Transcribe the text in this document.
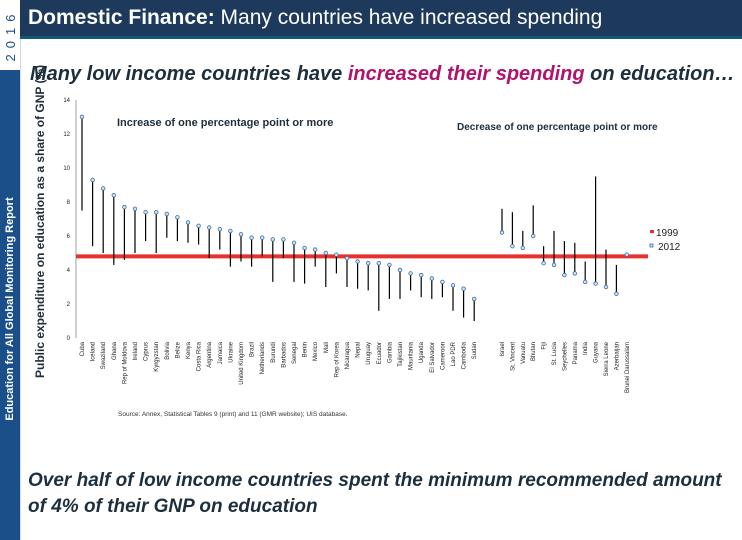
2016
Education for All Global Monitoring Report
Domestic Finance: Many countries have increased spending
Many low income countries have increased their spending on education…
Public expenditure on education as a share of GNP (%)	0
2
4
6
8
10
12
14
Cuba Iceland Swaziland Ghana Rep of Moldova Ireland Cyprus Kyrgyzstan Bolivia Belize Kenya Costa Rica Argentina Jamaica Ukraine United Kingdom Brazil Netherlands Burundi Barbados Senegal Benin Mexico Mali Rep of Korea Nicaragua Nepal Uruguay Ecuador Gambia Tajikistan Mauritania Uganda El Salvador Cameroon Lao PDR Cambodia Sudan	Israel St. Vincent Vanuatu Bhutan Fiji St. Lucia Seychelles Panama India Guyana Sierra Leone Azerbaijan Brunei Darussalam
Increase of one percentage point or more	Decrease of one percentage point or more
1999
2012
Source: Annex, Statistical Tables 9 (print) and 11 (GMR website); UIS database.
Over half of low income countries spent the minimum recommended amount of 4% of their GNP on education
